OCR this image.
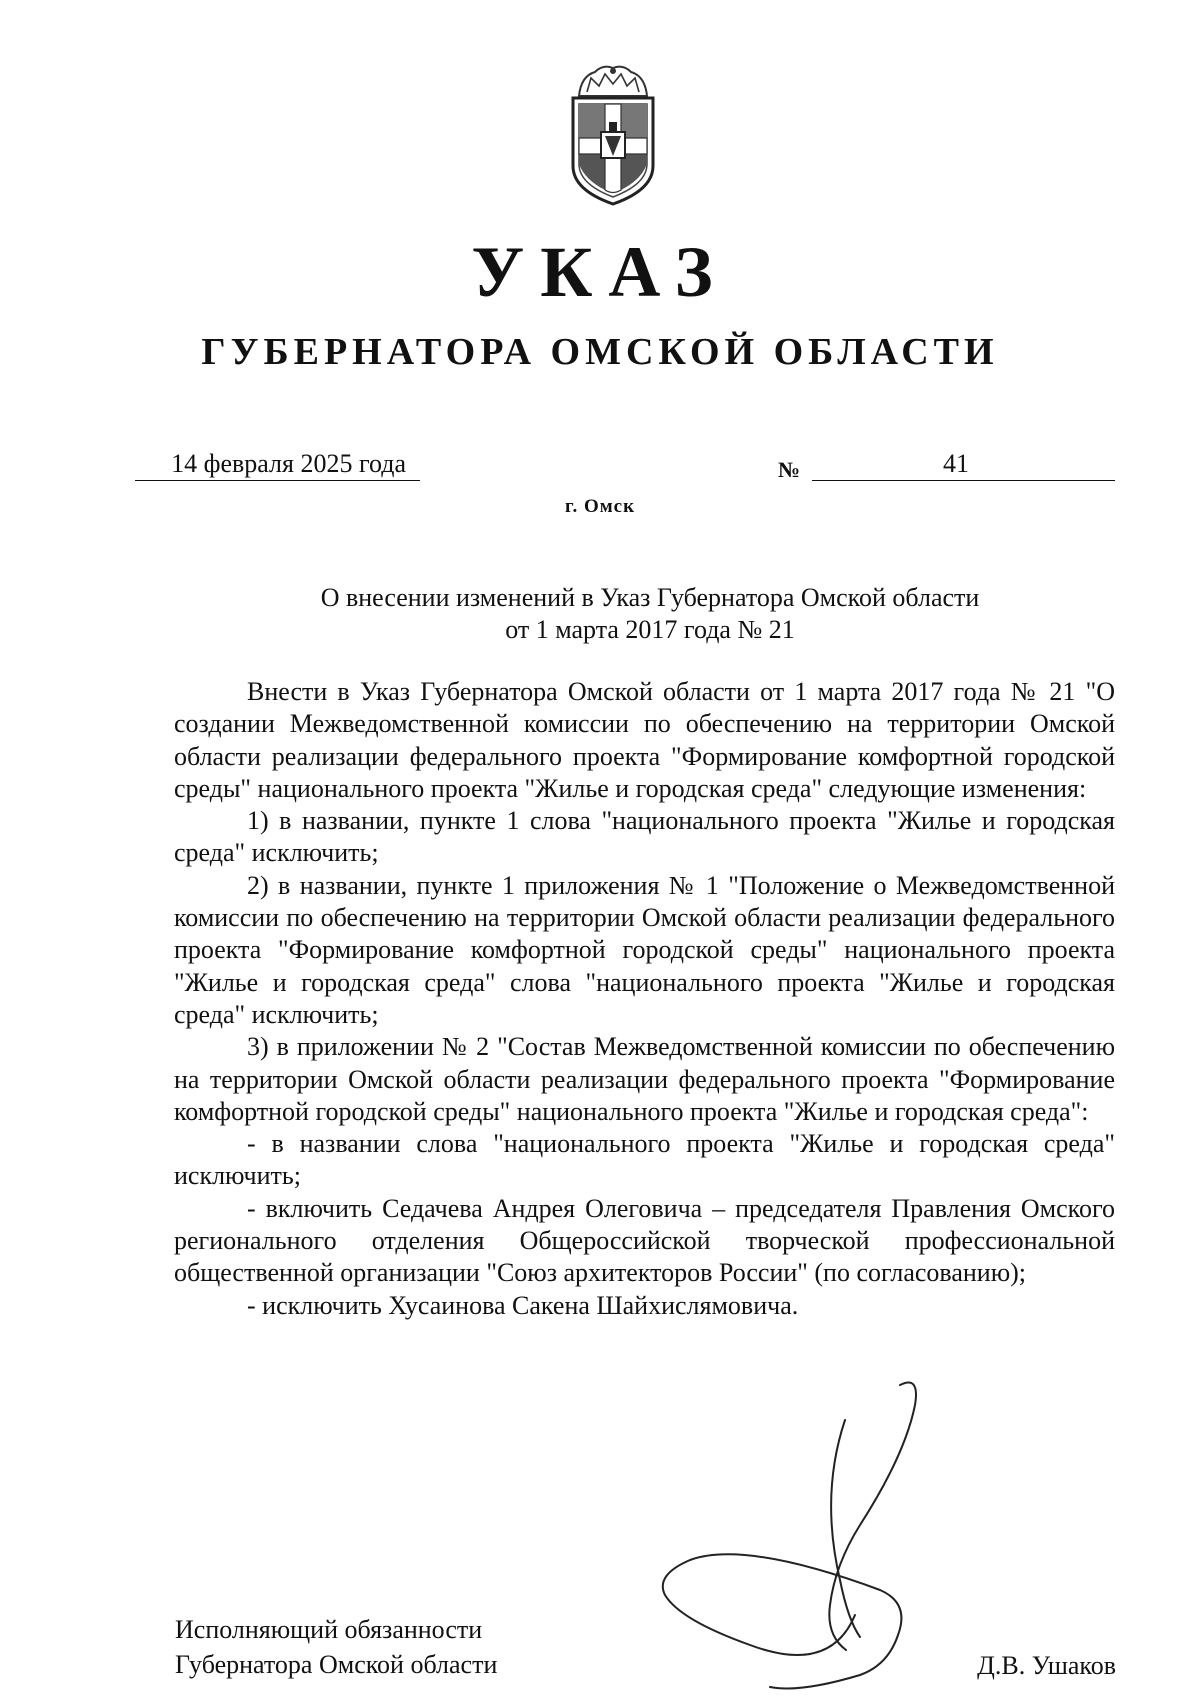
УКАЗ
ГУБЕРНАТОРА ОМСКОЙ ОБЛАСТИ
14 февраля 2025 года	№	41
г. Омск
О внесении изменений в Указ Губернатора Омской области
от 1 марта 2017 года № 21

Внести в Указ Губернатора Омской области от 1 марта 2017 года № 21 "О создании Межведомственной комиссии по обеспечению на территории Омской области реализации федерального проекта "Формирование комфортной городской среды" национального проекта "Жилье и городская среда" следующие изменения:

1) в названии, пункте 1 слова "национального проекта "Жилье и городская среда" исключить;

2) в названии, пункте 1 приложения № 1 "Положение о Межведомственной комиссии по обеспечению на территории Омской области реализации федерального проекта "Формирование комфортной городской среды" национального проекта "Жилье и городская среда" слова "национального проекта "Жилье и городская среда" исключить;

3) в приложении № 2 "Состав Межведомственной комиссии по обеспечению на территории Омской области реализации федерального проекта "Формирование комфортной городской среды" национального проекта "Жилье и городская среда":

- в названии слова "национального проекта "Жилье и городская среда" исключить;

- включить Седачева Андрея Олеговича – председателя Правления Омского регионального отделения Общероссийской творческой профессиональной общественной организации "Союз архитекторов России" (по согласованию);

- исключить Хусаинова Сакена Шайхислямовича.

Исполняющий обязанности
Губернатора Омской области	Д.В. Ушаков
